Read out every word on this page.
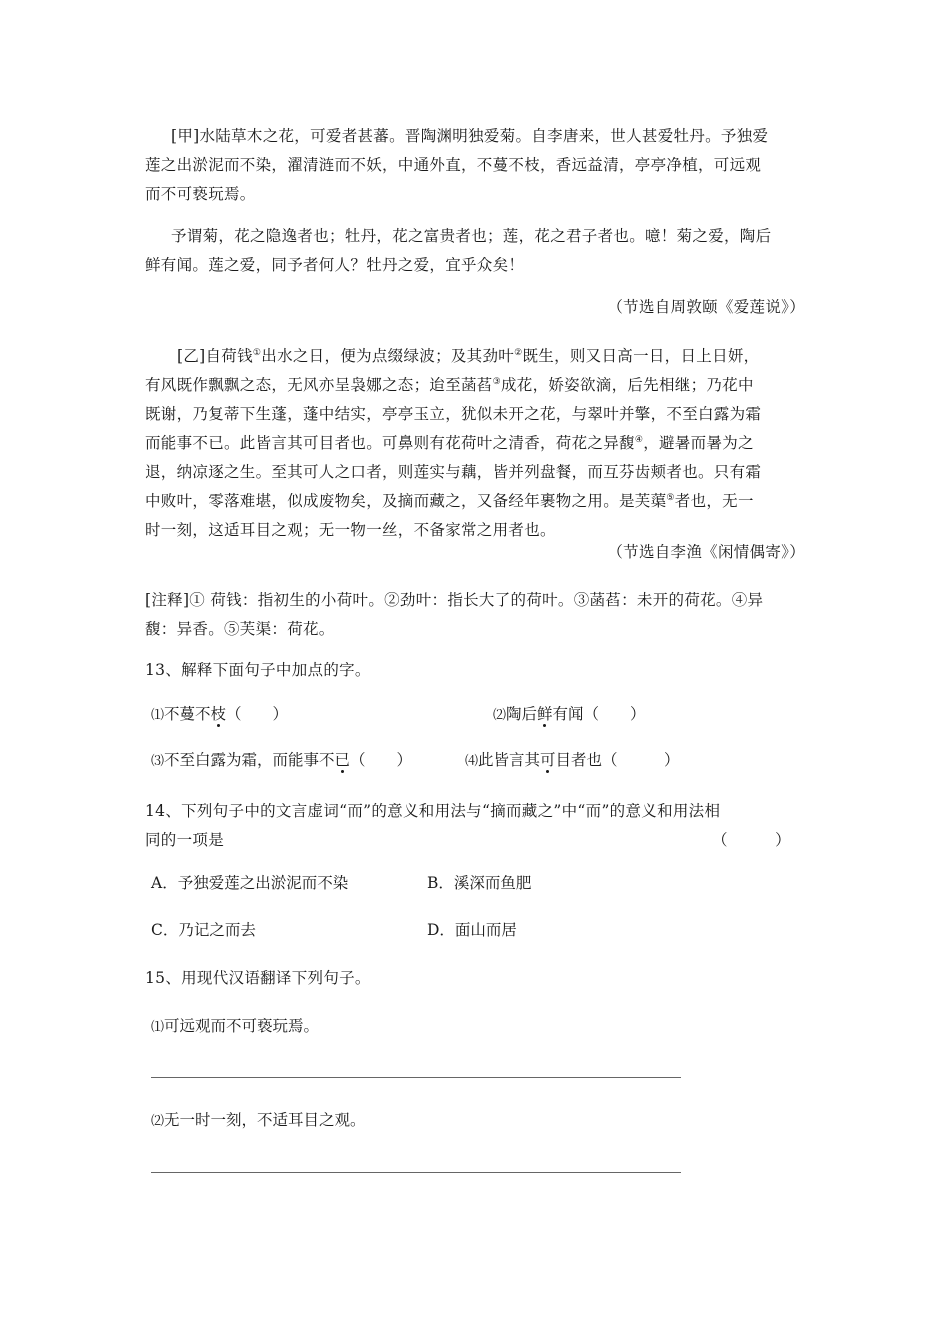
[甲]水陆草木之花，可爱者甚蕃。晋陶渊明独爱菊。自李唐来，世人甚爱牡丹。予独爱
莲之出淤泥而不染，濯清涟而不妖，中通外直，不蔓不枝，香远益清，亭亭净植，可远观
而不可亵玩焉。
予谓菊，花之隐逸者也；牡丹，花之富贵者也；莲，花之君子者也。噫！菊之爱，陶后
鲜有闻。莲之爱，同予者何人？牡丹之爱，宜乎众矣！
（节选自周敦颐《爱莲说》）
[乙]自荷钱①出水之日，便为点缀绿波；及其劲叶②既生，则又日高一日，日上日妍，
有风既作飘飘之态，无风亦呈袅娜之态；迨至菡萏③成花，娇姿欲滴，后先相继；乃花中
既谢，乃复蒂下生蓬，蓬中结实，亭亭玉立，犹似未开之花，与翠叶并擎，不至白露为霜
而能事不已。此皆言其可目者也。可鼻则有花荷叶之清香，荷花之异馥④，避暑而暑为之
退，纳凉逐之生。至其可人之口者，则莲实与藕，皆并列盘餐，而互芬齿颊者也。只有霜
中败叶，零落难堪，似成废物矣，及摘而藏之，又备经年裹物之用。是芙蕖⑤者也，无一
时一刻，这适耳目之观；无一物一丝，不备家常之用者也。
（节选自李渔《闲情偶寄》）
[注释]① 荷钱：指初生的小荷叶。②劲叶：指长大了的荷叶。③菡萏：未开的荷花。④异
馥：异香。⑤芙渠：荷花。
13、解释下面句子中加点的字。
⑴不蔓不枝（　　）	⑵陶后鲜有闻（　　）
⑶不至白露为霜，而能事不已（　　）	⑷此皆言其可目者也（　　　）
14、下列句子中的文言虚词“而”的意义和用法与“摘而藏之”中“而”的意义和用法相
同的一项是	（　　　）
A．予独爱莲之出淤泥而不染	B．溪深而鱼肥
C．乃记之而去	D．面山而居
15、用现代汉语翻译下列句子。
⑴可远观而不可亵玩焉。
⑵无一时一刻，不适耳目之观。
